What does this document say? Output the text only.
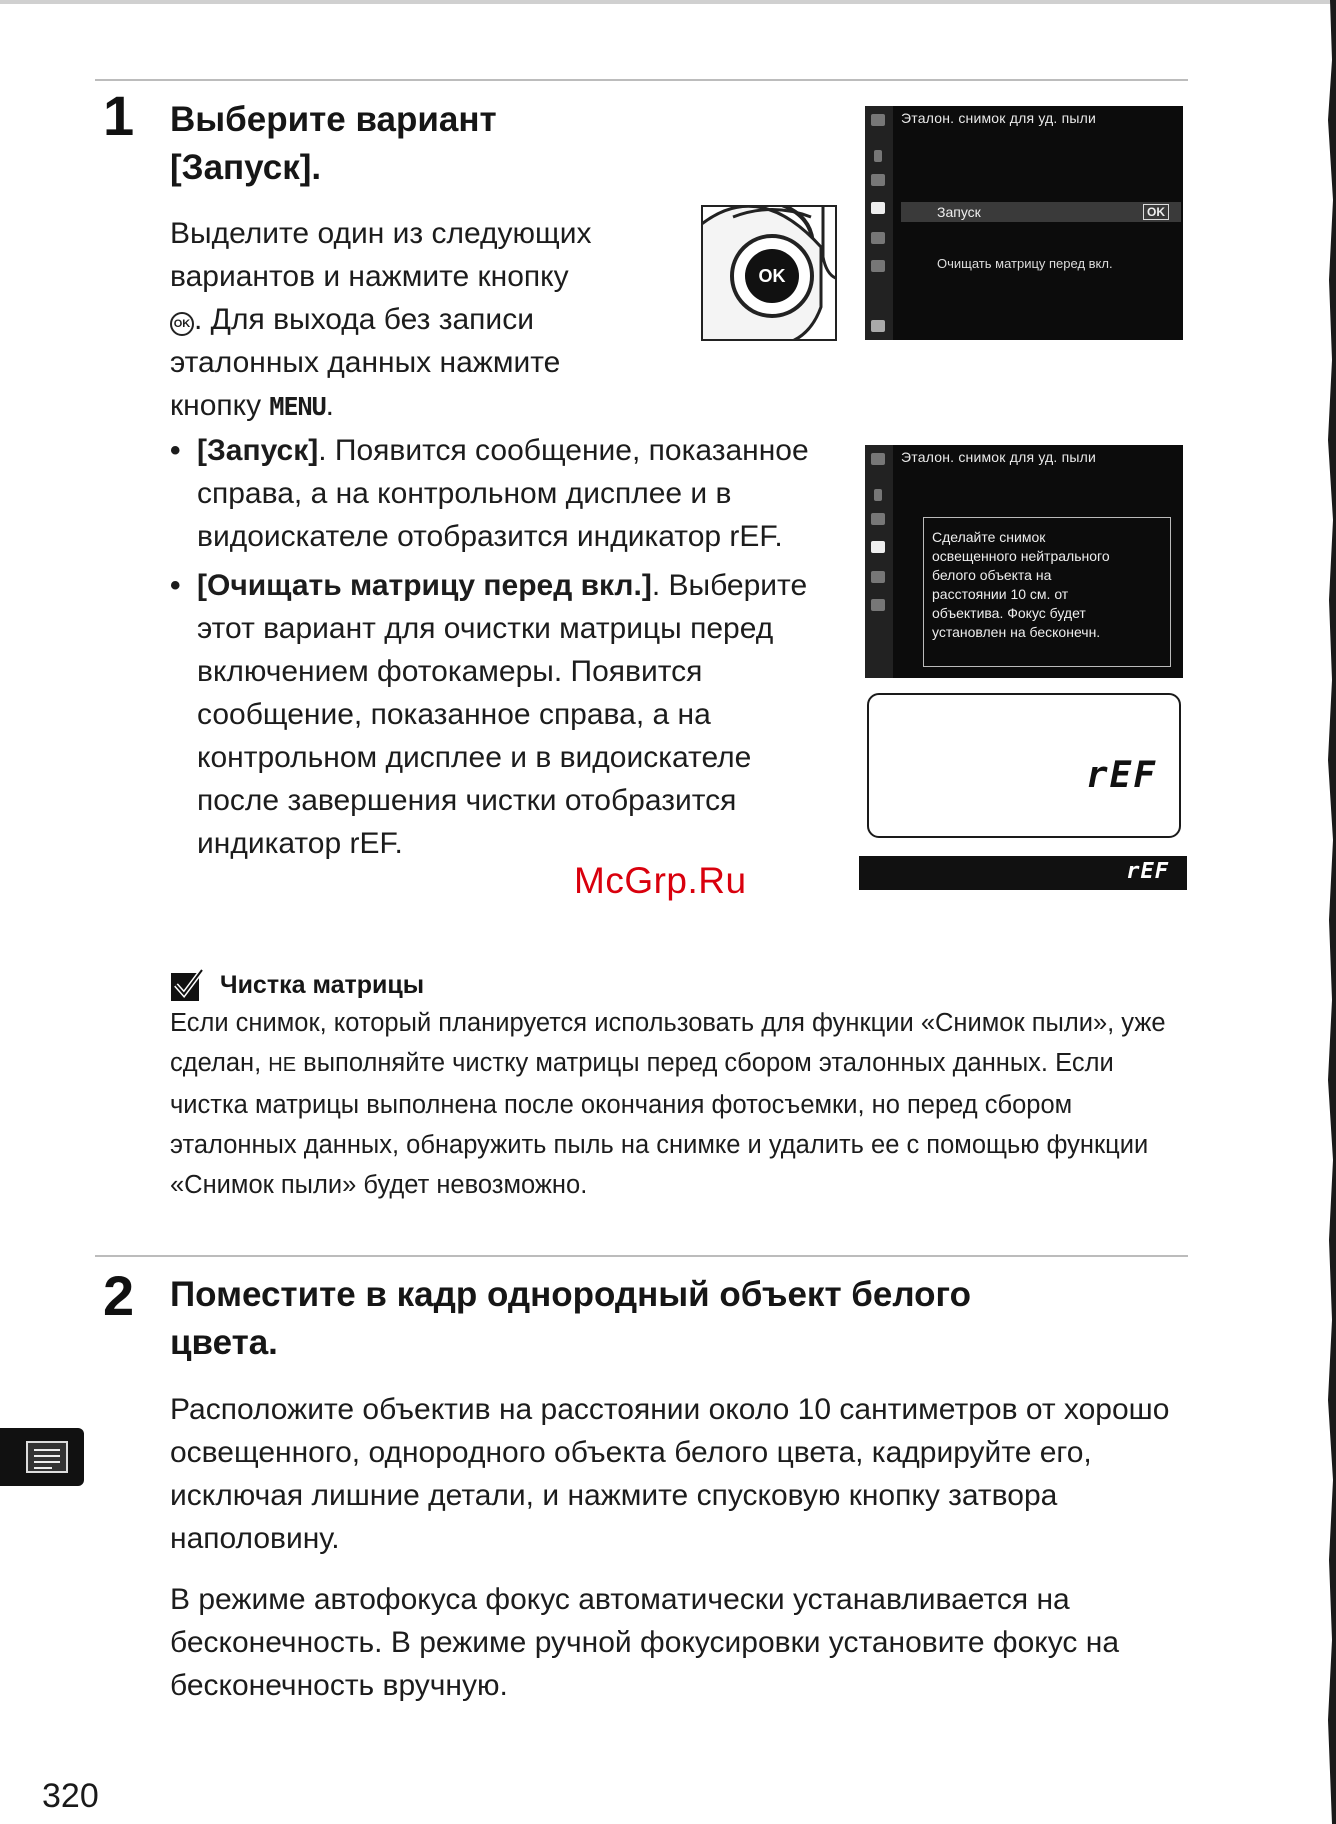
1 Выберите вариант
[Запуск].
Выделите один из следующих
вариантов и нажмите кнопку
OK . Для выхода без записи
эталонных данных нажмите
кнопку MENU.
• [Запуск]. Появится сообщение, показанное справа, а на контрольном дисплее и в видоискателе отобразится индикатор rEF.
• [Очищать матрицу перед вкл.]. Выберите этот вариант для очистки матрицы перед включением фотокамеры. Появится сообщение, показанное справа, а на контрольном дисплее и в видоискателе после завершения чистки отобразится индикатор rEF.
OK
Эталон. снимок для уд. пыли
Запуск	OK
Очищать матрицу перед вкл.
Эталон. снимок для уд. пыли
Сделайте снимок
освещенного нейтрального
белого объекта на
расстоянии 10 см. от
объектива. Фокус будет
установлен на бесконечн.
rEF
rEF
Чистка матрицы
Если снимок, который планируется использовать для функции «Снимок пыли», уже сделан, НЕ выполняйте чистку матрицы перед сбором эталонных данных. Если чистка матрицы выполнена после окончания фотосъемки, но перед сбором эталонных данных, обнаружить пыль на снимке и удалить ее с помощью функции «Снимок пыли» будет невозможно.
2 Поместите в кадр однородный объект белого
цвета.
Расположите объектив на расстоянии около 10 сантиметров от хорошо освещенного, однородного объекта белого цвета, кадрируйте его, исключая лишние детали, и нажмите спусковую кнопку затвора наполовину.
В режиме автофокуса фокус автоматически устанавливается на бесконечность. В режиме ручной фокусировки установите фокус на бесконечность вручную.
320
McGrp.Ru
